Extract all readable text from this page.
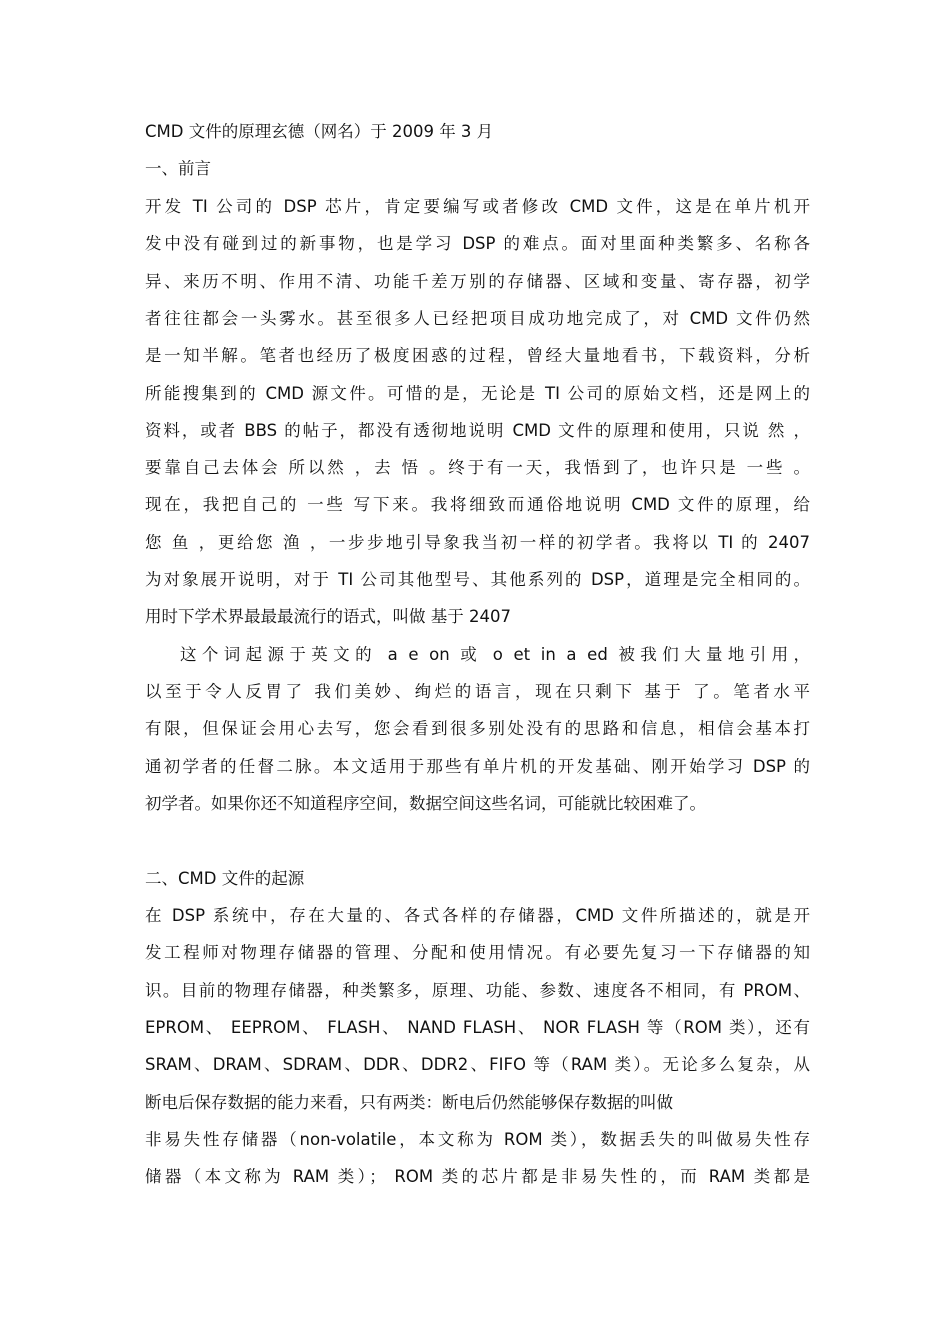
CMD 文件的原理玄德（网名）于 2009 年 3 月
一、前言
开发 TI 公司的 DSP 芯片，肯定要编写或者修改 CMD 文件，这是在单片机开
发中没有碰到过的新事物，也是学习 DSP 的难点。面对里面种类繁多、名称各
异、来历不明、作用不清、功能千差万别的存储器、区域和变量、寄存器，初学
者往往都会一头雾水。甚至很多人已经把项目成功地完成了，对 CMD 文件仍然
是一知半解。笔者也经历了极度困惑的过程，曾经大量地看书，下载资料，分析
所能搜集到的 CMD 源文件。可惜的是，无论是 TI 公司的原始文档，还是网上的
资料，或者 BBS 的帖子，都没有透彻地说明 CMD 文件的原理和使用，只说 然 ，
要靠自己去体会 所以然 ，去 悟 。终于有一天，我悟到了，也许只是 一些 。
现在，我把自己的 一些 写下来。我将细致而通俗地说明 CMD 文件的原理，给
您 鱼 ，更给您 渔 ，一步步地引导象我当初一样的初学者。我将以 TI 的 2407
为对象展开说明，对于 TI 公司其他型号、其他系列的 DSP，道理是完全相同的。
用时下学术界最最最流行的语式，叫做 基于 2407
这个词起源于英文的 a e on 或 o et in a ed 被我们大量地引用，
以至于令人反胃了 我们美妙、绚烂的语言，现在只剩下 基于 了。笔者水平
有限，但保证会用心去写，您会看到很多别处没有的思路和信息，相信会基本打
通初学者的任督二脉。本文适用于那些有单片机的开发基础、刚开始学习 DSP 的
初学者。如果你还不知道程序空间，数据空间这些名词，可能就比较困难了。
二、CMD 文件的起源
在 DSP 系统中，存在大量的、各式各样的存储器，CMD 文件所描述的，就是开
发工程师对物理存储器的管理、分配和使用情况。有必要先复习一下存储器的知
识。目前的物理存储器，种类繁多，原理、功能、参数、速度各不相同，有 PROM、
EPROM、 EEPROM、 FLASH、 NAND FLASH、 NOR FLASH 等（ROM 类），还有
SRAM、DRAM、SDRAM、DDR、DDR2、FIFO 等（RAM 类）。无论多么复杂，从
断电后保存数据的能力来看，只有两类：断电后仍然能够保存数据的叫做
非易失性存储器（non-volatile，本文称为 ROM 类），数据丢失的叫做易失性存
储器（本文称为 RAM 类）； ROM 类的芯片都是非易失性的，而 RAM 类都是
